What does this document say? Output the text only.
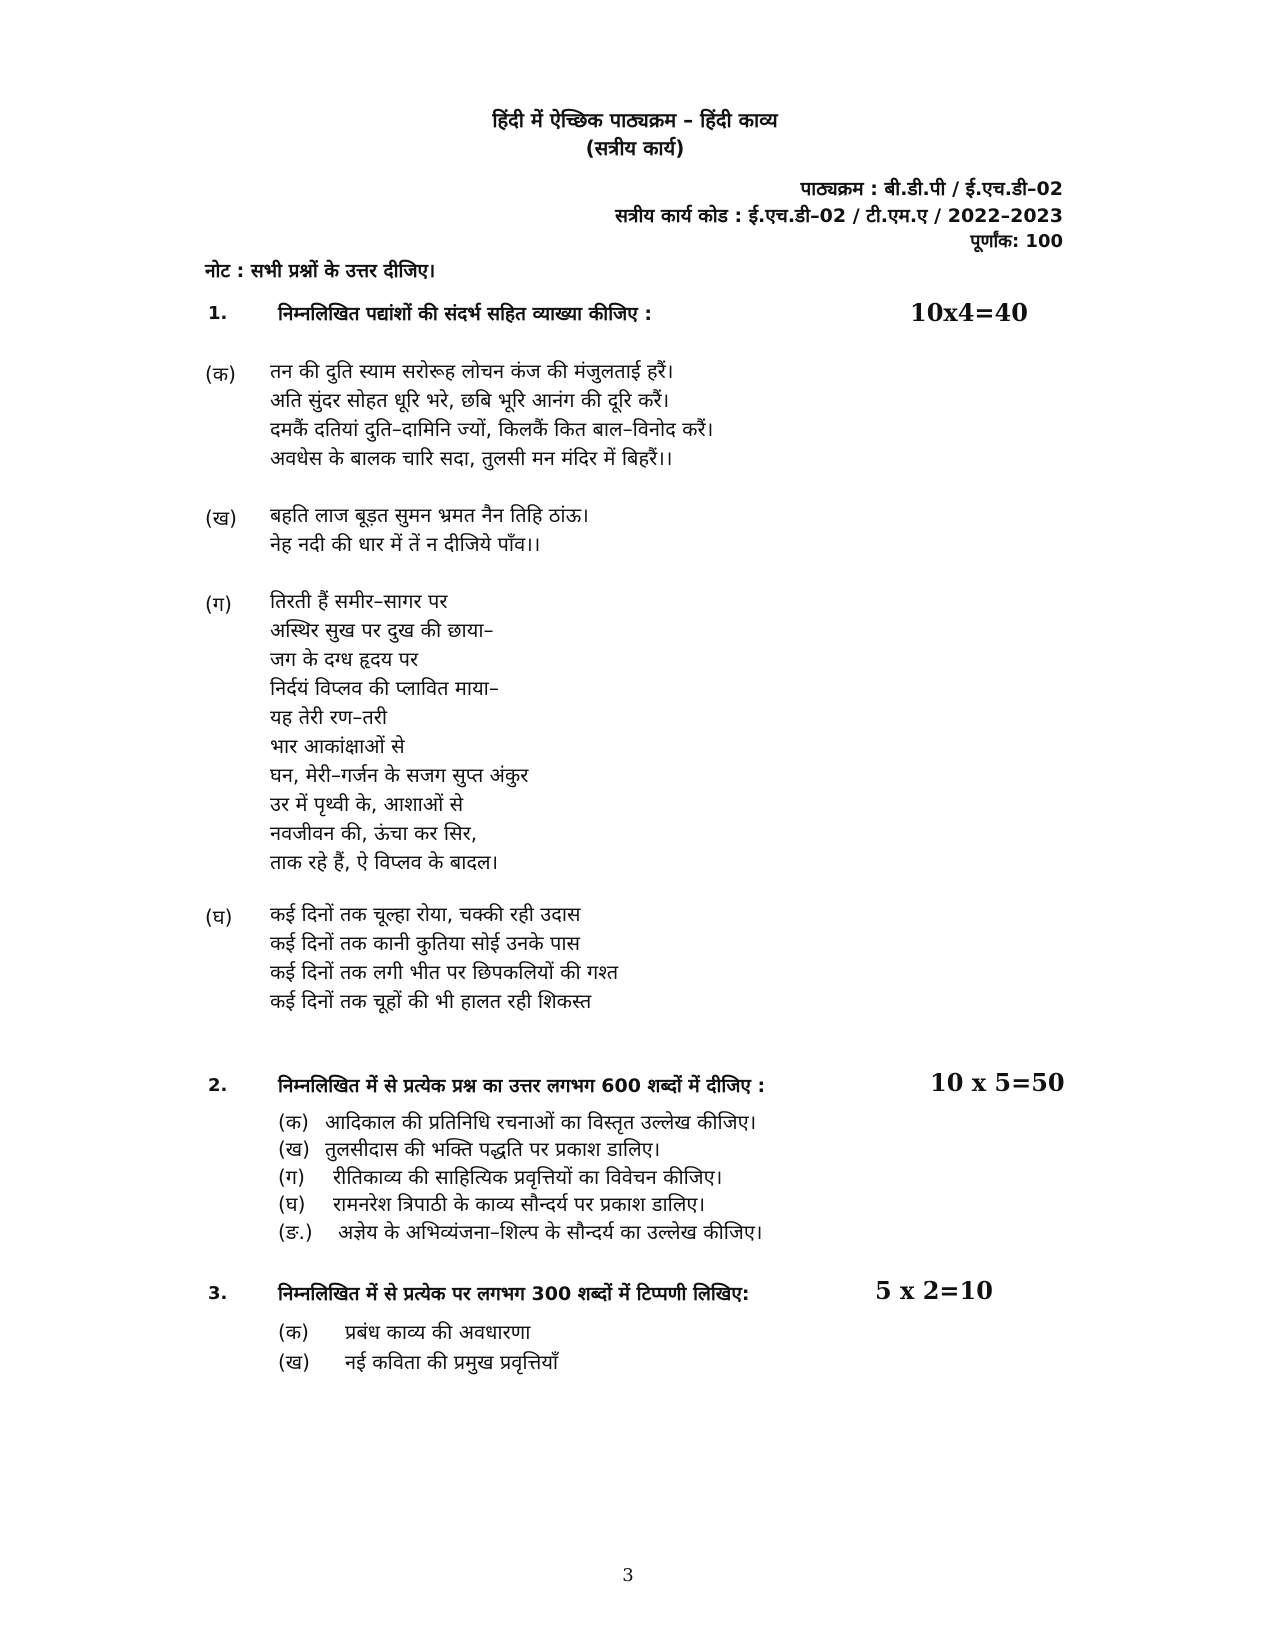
हिंदी में ऐच्छिक पाठ्यक्रम – हिंदी काव्य
(सत्रीय कार्य)
पाठ्यक्रम : बी.डी.पी / ई.एच.डी–02
सत्रीय कार्य कोड : ई.एच.डी–02 / टी.एम.ए / 2022–2023
पूर्णांक: 100
नोट : सभी प्रश्नों के उत्तर दीजिए।
1.	निम्नलिखित पद्यांशों की संदर्भ सहित व्याख्या कीजिए :	10x4=40
(क) तन की दुति स्याम सरोरूह लोचन कंज की मंजुलताई हरैं।
अति सुंदर सोहत धूरि भरे, छबि भूरि आनंग की दूरि करैं।
दमकैं दतियां दुति–दामिनि ज्यों, किलकैं कित बाल–विनोद करैं।
अवधेस के बालक चारि सदा, तुलसी मन मंदिर में बिहरैं।।
(ख) बहति लाज बूड़त सुमन भ्रमत नैन तिहि ठांऊ।
नेह नदी की धार में तें न दीजिये पाँव।।
(ग) तिरती हैं समीर–सागर पर
अस्थिर सुख पर दुख की छाया–
जग के दग्ध हृदय पर
निर्दयं विप्लव की प्लावित माया–
यह तेरी रण–तरी
भार आकांक्षाओं से
घन, मेरी–गर्जन के सजग सुप्त अंकुर
उर में पृथ्वी के, आशाओं से
नवजीवन की, ऊंचा कर सिर,
ताक रहे हैं, ऐ विप्लव के बादल।
(घ) कई दिनों तक चूल्हा रोया, चक्की रही उदास
कई दिनों तक कानी कुतिया सोई उनके पास
कई दिनों तक लगी भीत पर छिपकलियों की गश्त
कई दिनों तक चूहों की भी हालत रही शिकस्त
2.	निम्नलिखित में से प्रत्येक प्रश्न का उत्तर लगभग 600 शब्दों में दीजिए :	10 x 5=50
(क) आदिकाल की प्रतिनिधि रचनाओं का विस्तृत उल्लेख कीजिए।
(ख) तुलसीदास की भक्ति पद्धति पर प्रकाश डालिए।
(ग) रीतिकाव्य की साहित्यिक प्रवृत्तियों का विवेचन कीजिए।
(घ) रामनरेश त्रिपाठी के काव्य सौन्दर्य पर प्रकाश डालिए।
(ङ.) अज्ञेय के अभिव्यंजना–शिल्प के सौन्दर्य का उल्लेख कीजिए।
3.	निम्नलिखित में से प्रत्येक पर लगभग 300 शब्दों में टिप्पणी लिखिए:	5 x 2=10
(क) प्रबंध काव्य की अवधारणा
(ख) नई कविता की प्रमुख प्रवृत्तियाँ
3
